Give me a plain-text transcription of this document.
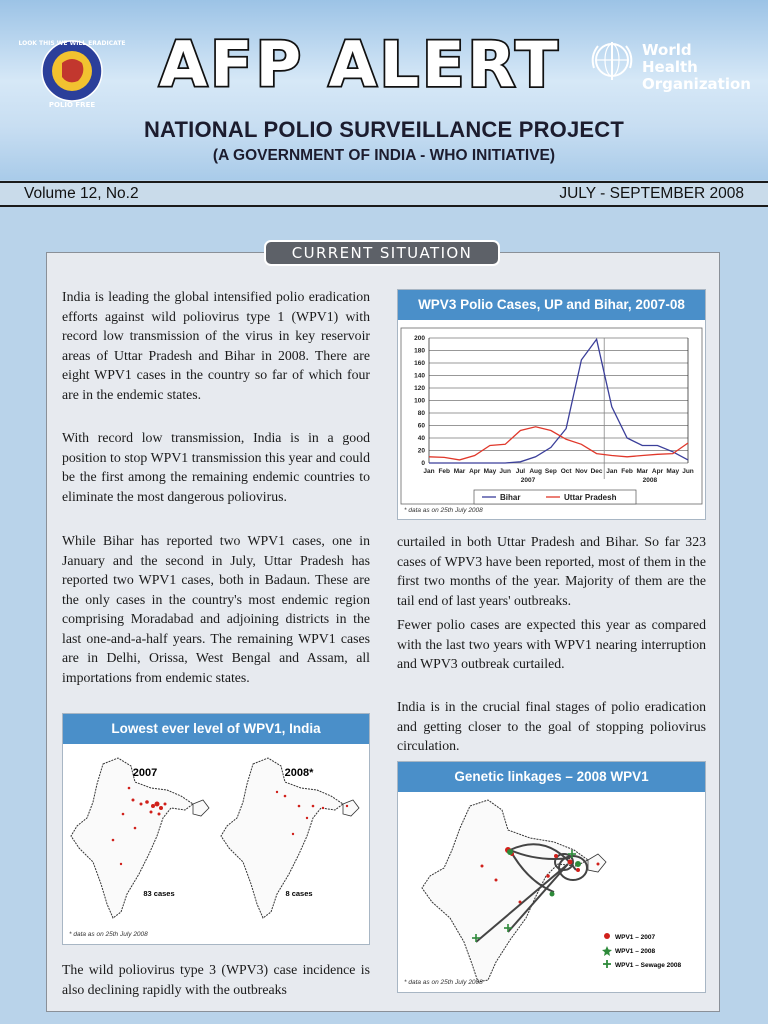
LOOK THIS WE WILL ERADICATE
POLIO FREE
AFP ALERT	World Health
Organization
NATIONAL POLIO SURVEILLANCE PROJECT
(A GOVERNMENT OF INDIA - WHO INITIATIVE)
Volume 12, No.2	JULY - SEPTEMBER 2008
CURRENT SITUATION
India is leading the global intensified polio eradication efforts against wild poliovirus type 1 (WPV1) with record low transmission of the virus in key reservoir areas of Uttar Pradesh and Bihar in 2008. There are eight WPV1 cases in the country so far of which four are in the endemic states.
With record low transmission, India is in a good position to stop WPV1 transmission this year and could be the first among the remaining endemic countries to eliminate the most dangerous poliovirus.
While Bihar has reported two WPV1 cases, one in January and the second in July, Uttar Pradesh has reported two WPV1 cases, both in Badaun. These are the only cases in the country's most endemic region comprising Moradabad and adjoining districts in the last one-and-a-half years. The remaining WPV1 cases are in Delhi, Orissa, West Bengal and Assam, all importations from endemic states.
The wild poliovirus type 3 (WPV3) case incidence is also declining rapidly with the outbreaks
curtailed in both Uttar Pradesh and Bihar. So far 323 cases of WPV3 have been reported, most of them in the first two months of the year. Majority of them are the tail end of last years' outbreaks.
Fewer polio cases are expected this year as compared with the last two years with WPV1 nearing interruption and WPV3 outbreak curtailed.
India is in the crucial final stages of polio eradication and getting closer to the goal of stopping poliovirus circulation.
Lowest ever level of WPV1, India
2007
83 cases
2008*
8 cases
* data as on 25th July 2008
WPV3 Polio Cases, UP and Bihar, 2007-08
0
20
40
60
80
100
120
140
160
180
200
Jan Feb Mar Apr May Jun Jul Aug Sep Oct Nov Dec Jan Feb Mar Apr May Jun
2007	2008
Bihar	Uttar Pradesh
* data as on 25th July 2008
Genetic linkages – 2008 WPV1
WPV1 – 2007
WPV1 – 2008
WPV1 – Sewage 2008
* data as on 25th July 2008
